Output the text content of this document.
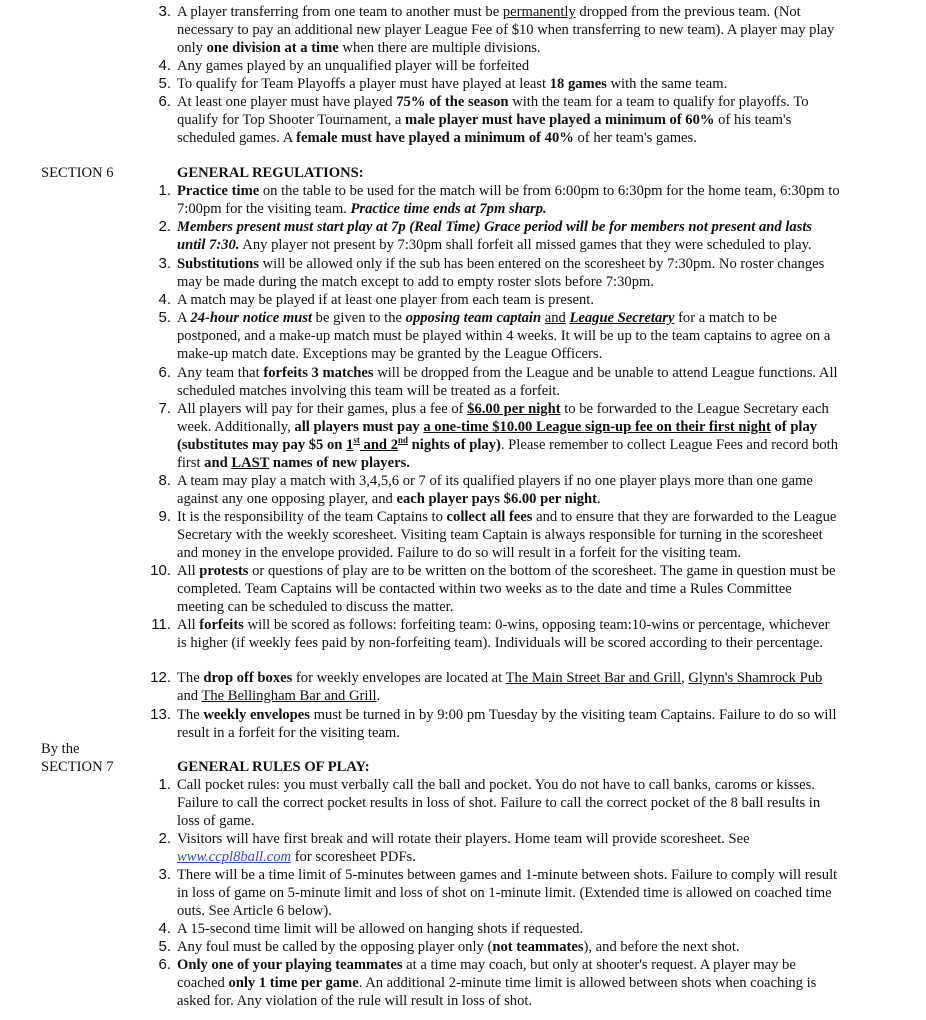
3. A player transferring from one team to another must be permanently dropped from the previous team. (Not necessary to pay an additional new player League Fee of $10 when transferring to new team). A player may play only one division at a time when there are multiple divisions.
4. Any games played by an unqualified player will be forfeited
5. To qualify for Team Playoffs a player must have played at least 18 games with the same team.
6. At least one player must have played 75% of the season with the team for a team to qualify for playoffs. To qualify for Top Shooter Tournament, a male player must have played a minimum of 60% of his team's scheduled games. A female must have played a minimum of 40% of her team's games.
SECTION 6	GENERAL REGULATIONS:
1. Practice time on the table to be used for the match will be from 6:00pm to 6:30pm for the home team, 6:30pm to 7:00pm for the visiting team. Practice time ends at 7pm sharp.
2. Members present must start play at 7p (Real Time) Grace period will be for members not present and lasts until 7:30. Any player not present by 7:30pm shall forfeit all missed games that they were scheduled to play.
3. Substitutions will be allowed only if the sub has been entered on the scoresheet by 7:30pm. No roster changes may be made during the match except to add to empty roster slots before 7:30pm.
4. A match may be played if at least one player from each team is present.
5. A 24-hour notice must be given to the opposing team captain and League Secretary for a match to be postponed, and a make-up match must be played within 4 weeks. It will be up to the team captains to agree on a make-up match date. Exceptions may be granted by the League Officers.
6. Any team that forfeits 3 matches will be dropped from the League and be unable to attend League functions. All scheduled matches involving this team will be treated as a forfeit.
7. All players will pay for their games, plus a fee of $6.00 per night to be forwarded to the League Secretary each week. Additionally, all players must pay a one-time $10.00 League sign-up fee on their first night of play (substitutes may pay $5 on 1st and 2nd nights of play). Please remember to collect League Fees and record both first and LAST names of new players.
8. A team may play a match with 3,4,5,6 or 7 of its qualified players if no one player plays more than one game against any one opposing player, and each player pays $6.00 per night.
9. It is the responsibility of the team Captains to collect all fees and to ensure that they are forwarded to the League Secretary with the weekly scoresheet. Visiting team Captain is always responsible for turning in the scoresheet and money in the envelope provided. Failure to do so will result in a forfeit for the visiting team.
10. All protests or questions of play are to be written on the bottom of the scoresheet. The game in question must be completed. Team Captains will be contacted within two weeks as to the date and time a Rules Committee meeting can be scheduled to discuss the matter.
11. All forfeits will be scored as follows: forfeiting team: 0-wins, opposing team:10-wins or percentage, whichever is higher (if weekly fees paid by non-forfeiting team). Individuals will be scored according to their percentage.
12. The drop off boxes for weekly envelopes are located at The Main Street Bar and Grill, Glynn's Shamrock Pub and The Bellingham Bar and Grill.
13. The weekly envelopes must be turned in by 9:00 pm Tuesday by the visiting team Captains. Failure to do so will result in a forfeit for the visiting team.
By the
SECTION 7	GENERAL RULES OF PLAY:
1. Call pocket rules: you must verbally call the ball and pocket. You do not have to call banks, caroms or kisses. Failure to call the correct pocket results in loss of shot. Failure to call the correct pocket of the 8 ball results in loss of game.
2. Visitors will have first break and will rotate their players. Home team will provide scoresheet. See www.ccpl8ball.com for scoresheet PDFs.
3. There will be a time limit of 5-minutes between games and 1-minute between shots. Failure to comply will result in loss of game on 5-minute limit and loss of shot on 1-minute limit. (Extended time is allowed on coached time outs. See Article 6 below).
4. A 15-second time limit will be allowed on hanging shots if requested.
5. Any foul must be called by the opposing player only (not teammates), and before the next shot.
6. Only one of your playing teammates at a time may coach, but only at shooter's request. A player may be coached only 1 time per game. An additional 2-minute time limit is allowed between shots when coaching is asked for. Any violation of the rule will result in loss of shot.
